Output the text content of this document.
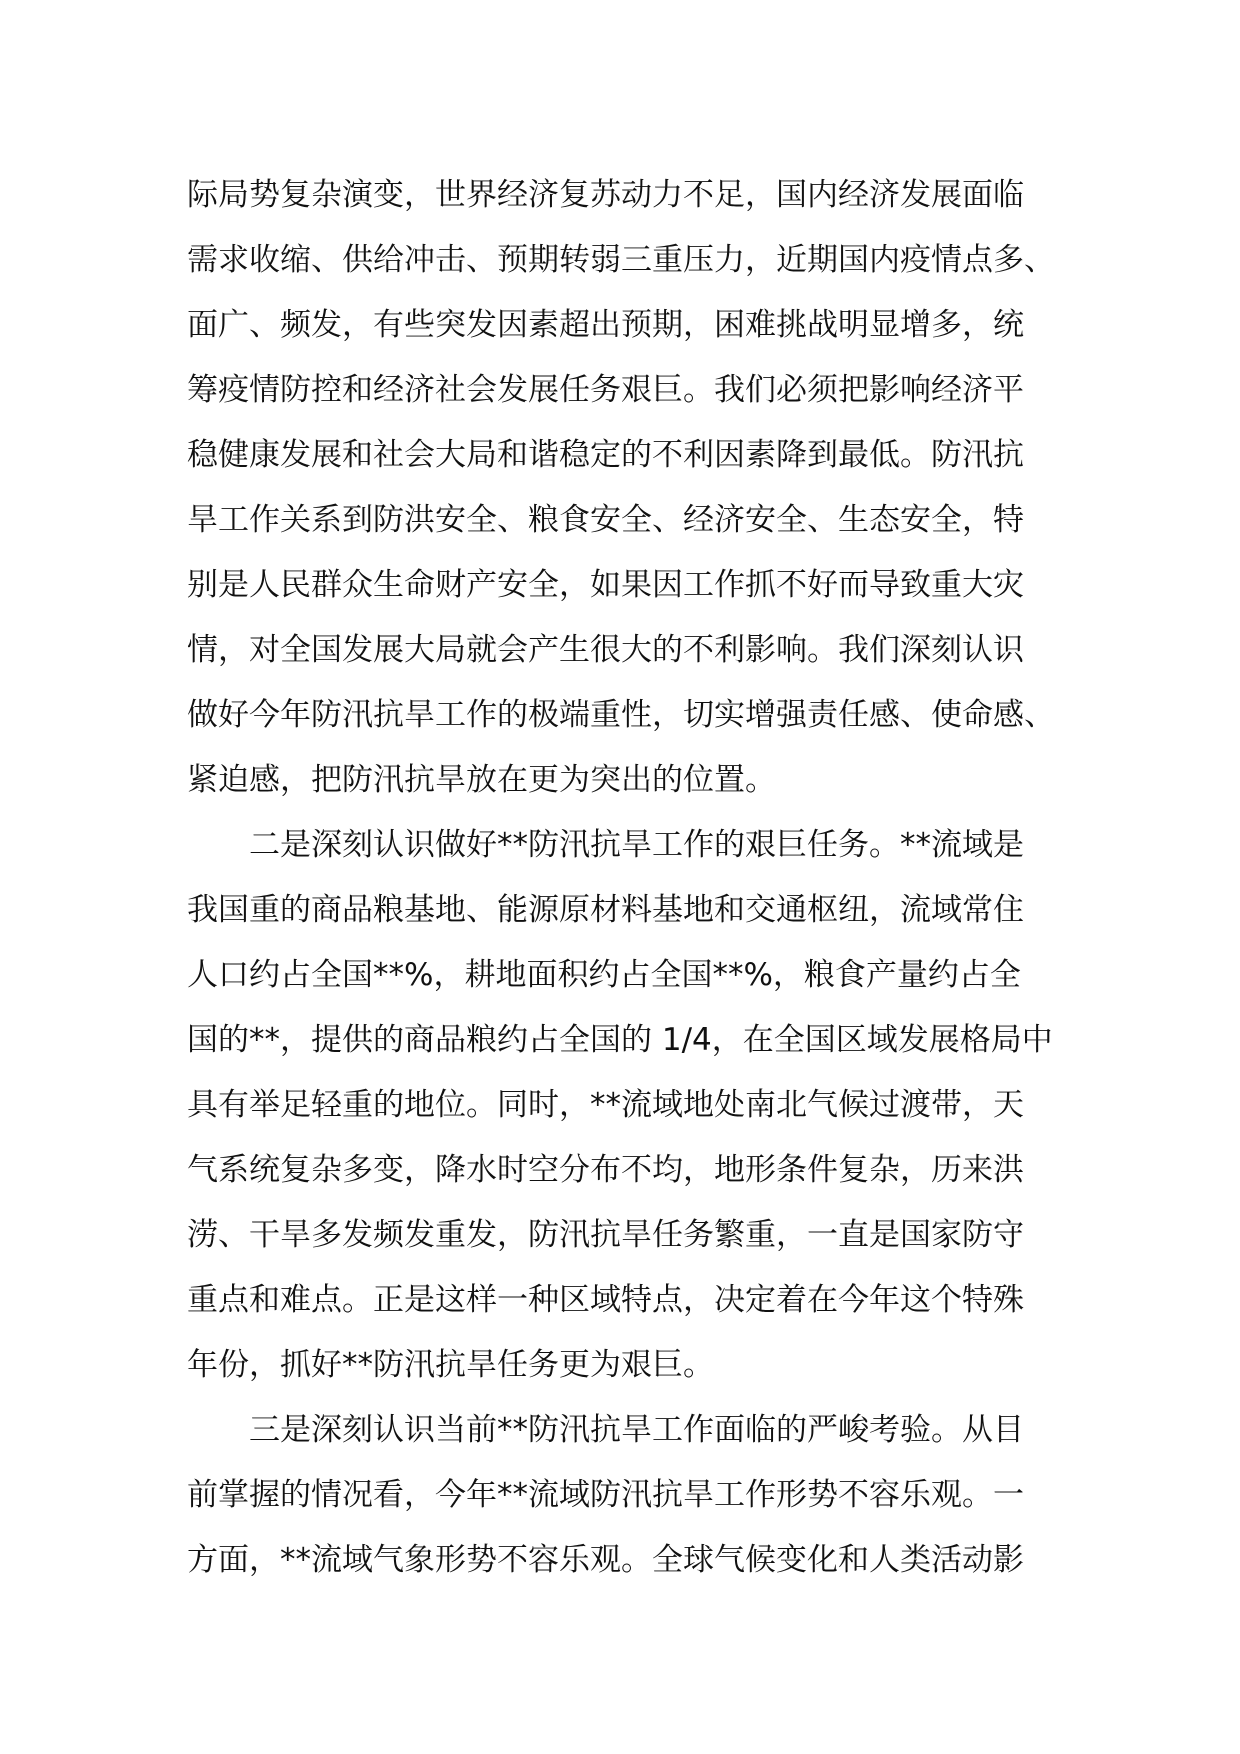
际局势复杂演变，世界经济复苏动力不足，国内经济发展面临
需求收缩、供给冲击、预期转弱三重压力，近期国内疫情点多、
面广、频发，有些突发因素超出预期，困难挑战明显增多，统
筹疫情防控和经济社会发展任务艰巨。我们必须把影响经济平
稳健康发展和社会大局和谐稳定的不利因素降到最低。防汛抗
旱工作关系到防洪安全、粮食安全、经济安全、生态安全，特
别是人民群众生命财产安全，如果因工作抓不好而导致重大灾
情，对全国发展大局就会产生很大的不利影响。我们深刻认识
做好今年防汛抗旱工作的极端重性，切实增强责任感、使命感、
紧迫感，把防汛抗旱放在更为突出的位置。
二是深刻认识做好**防汛抗旱工作的艰巨任务。**流域是
我国重的商品粮基地、能源原材料基地和交通枢纽，流域常住
人口约占全国**%，耕地面积约占全国**%，粮食产量约占全
国的**，提供的商品粮约占全国的 1/4，在全国区域发展格局中
具有举足轻重的地位。同时，**流域地处南北气候过渡带，天
气系统复杂多变，降水时空分布不均，地形条件复杂，历来洪
涝、干旱多发频发重发，防汛抗旱任务繁重，一直是国家防守
重点和难点。正是这样一种区域特点，决定着在今年这个特殊
年份，抓好**防汛抗旱任务更为艰巨。
三是深刻认识当前**防汛抗旱工作面临的严峻考验。从目
前掌握的情况看，今年**流域防汛抗旱工作形势不容乐观。一
方面，**流域气象形势不容乐观。全球气候变化和人类活动影
